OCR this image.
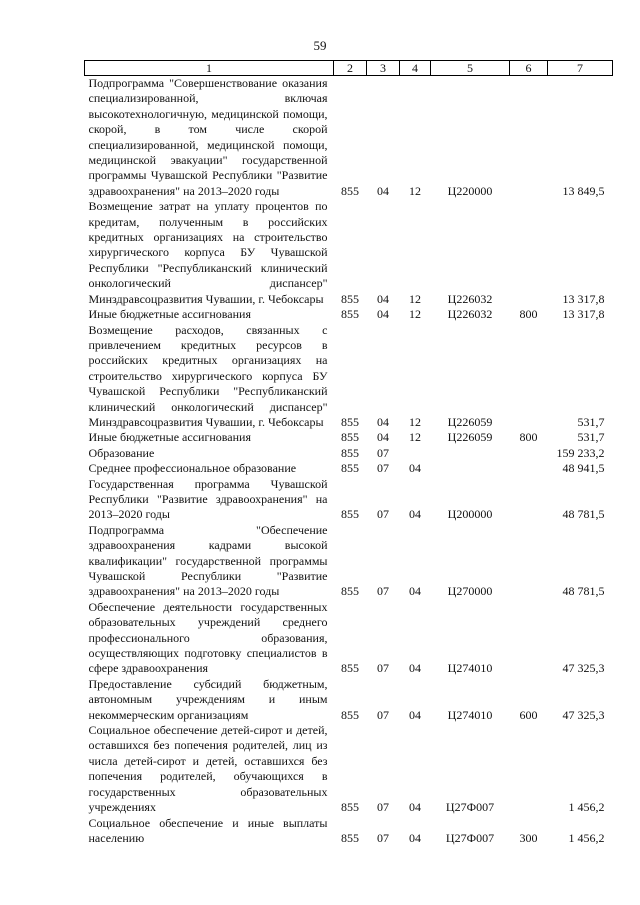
59
1	2	3	4	5	6	7
Подпрограмма "Совершенствование оказания специализированной, включая высокотехнологичную, медицинской помощи, скорой, в том числе скорой специализированной, медицинской помощи, медицинской эвакуации" государственной программы Чувашской Республики "Развитие здравоохранения" на 2013–2020 годы	855	04	12	Ц220000		13 849,5
Возмещение затрат на уплату процентов по кредитам, полученным в российских кредитных организациях на строительство хирургического корпуса БУ Чувашской Республики "Республиканский клинический онкологический диспансер" Минздравсоцразвития Чувашии, г. Чебоксары	855	04	12	Ц226032		13 317,8
Иные бюджетные ассигнования	855	04	12	Ц226032	800	13 317,8
Возмещение расходов, связанных с привлечением кредитных ресурсов в российских кредитных организациях на строительство хирургического корпуса БУ Чувашской Республики "Республиканский клинический онкологический диспансер" Минздравсоцразвития Чувашии, г. Чебоксары	855	04	12	Ц226059		531,7
Иные бюджетные ассигнования	855	04	12	Ц226059	800	531,7
Образование	855	07				159 233,2
Среднее профессиональное образование	855	07	04			48 941,5
Государственная программа Чувашской Республики "Развитие здравоохранения" на 2013–2020 годы	855	07	04	Ц200000		48 781,5
Подпрограмма "Обеспечение здравоохранения кадрами высокой квалификации" государственной программы Чувашской Республики "Развитие здравоохранения" на 2013–2020 годы	855	07	04	Ц270000		48 781,5
Обеспечение деятельности государственных образовательных учреждений среднего профессионального образования, осуществляющих подготовку специалистов в сфере здравоохранения	855	07	04	Ц274010		47 325,3
Предоставление субсидий бюджетным, автономным учреждениям и иным некоммерческим организациям	855	07	04	Ц274010	600	47 325,3
Социальное обеспечение детей-сирот и детей, оставшихся без попечения родителей, лиц из числа детей-сирот и детей, оставшихся без попечения родителей, обучающихся в государственных образовательных учреждениях	855	07	04	Ц27Ф007		1 456,2
Социальное обеспечение и иные выплаты населению	855	07	04	Ц27Ф007	300	1 456,2
